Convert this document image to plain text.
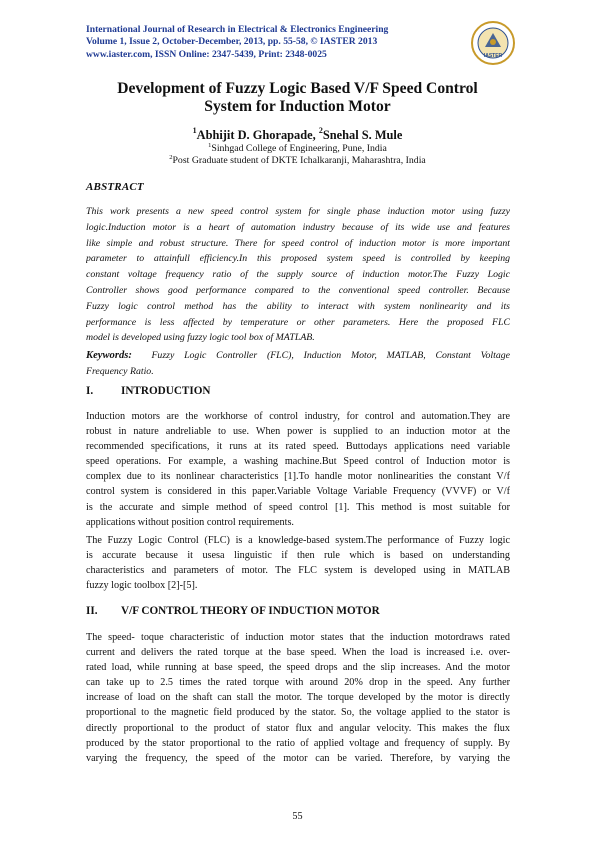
International Journal of Research in Electrical & Electronics Engineering
Volume 1, Issue 2, October-December, 2013, pp. 55-58, © IASTER 2013
www.iaster.com, ISSN Online: 2347-5439, Print: 2348-0025	IASTER
Development of Fuzzy Logic Based V/F Speed Control
System for Induction Motor
$^1$Abhijit D. Ghorapade, $^2$Snehal S. Mule
$^1$Sinhgad College of Engineering, Pune, India
$^2$Post Graduate student of DKTE Ichalkaranji, Maharashtra, India
ABSTRACT
This work presents a new speed control system for single phase induction motor using fuzzy
logic.Induction motor is a heart of automation industry because of its wide use and features
like simple and robust structure. There for speed control of induction motor is more important
parameter to attainfull efficiency.In this proposed system speed is controlled by keeping
constant voltage frequency ratio of the supply source of induction motor.The Fuzzy Logic
Controller shows good performance compared to the conventional speed controller. Because
Fuzzy logic control method has the ability to interact with system nonlinearity and its
performance is less affected by temperature or other parameters. Here the proposed FLC
model is developed using fuzzy logic tool box of MATLAB.
Keywords: Fuzzy Logic Controller (FLC), Induction Motor, MATLAB, Constant Voltage
Frequency Ratio.
I. INTRODUCTION
Induction motors are the workhorse of control industry, for control and automation.They are
robust in nature andreliable to use. When power is supplied to an induction motor at the
recommended specifications, it runs at its rated speed. Buttodays applications need variable
speed operations. For example, a washing machine.But Speed control of Induction motor is
complex due to its nonlinear characteristics [1].To handle motor nonlinearities the constant V/f
control system is considered in this paper.Variable Voltage Variable Frequency (VVVF) or V/f
is the accurate and simple method of speed control [1]. This method is most suitable for
applications without position control requirements.
The Fuzzy Logic Control (FLC) is a knowledge-based system.The performance of Fuzzy logic
is accurate because it usesa linguistic if then rule which is based on understanding
characteristics and parameters of motor. The FLC system is developed using in MATLAB
fuzzy logic toolbox [2]-[5].
II. V/F CONTROL THEORY OF INDUCTION MOTOR
The speed- toque characteristic of induction motor states that the induction motordraws rated
current and delivers the rated torque at the base speed. When the load is increased i.e. over-
rated load, while running at base speed, the speed drops and the slip increases. And the motor
can take up to 2.5 times the rated torque with around 20% drop in the speed. Any further
increase of load on the shaft can stall the motor. The torque developed by the motor is directly
proportional to the magnetic field produced by the stator. So, the voltage applied to the stator is
directly proportional to the product of stator flux and angular velocity. This makes the flux
produced by the stator proportional to the ratio of applied voltage and frequency of supply. By
varying the frequency, the speed of the motor can be varied. Therefore, by varying the
55
